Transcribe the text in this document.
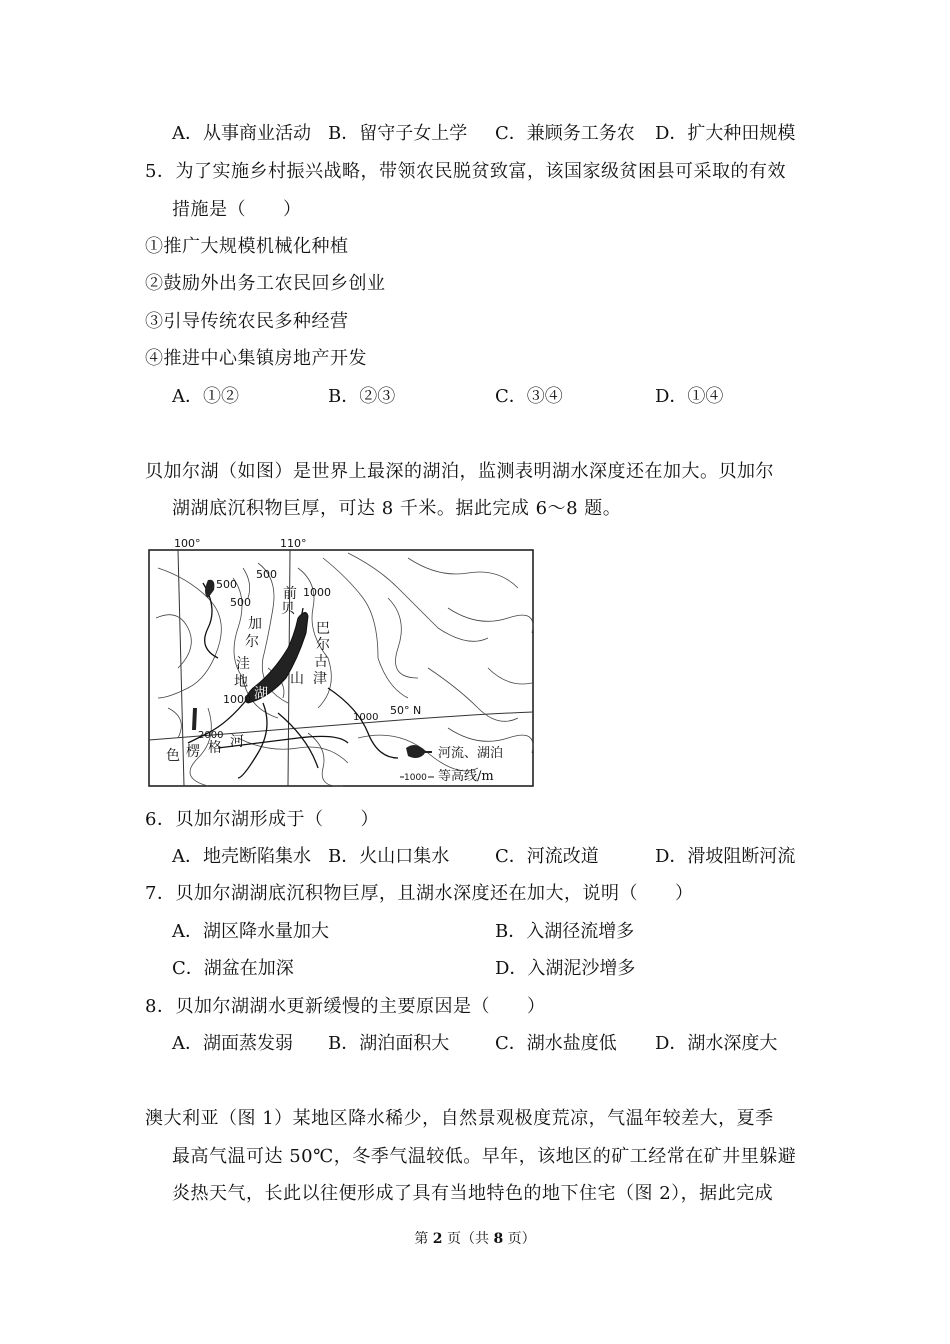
A．从事商业活动 B．留守子女上学 C．兼顾务工务农 D．扩大种田规模
5．为了实施乡村振兴战略，带领农民脱贫致富，该国家级贫困县可采取的有效
措施是（　　）
①推广大规模机械化种植
②鼓励外出务工农民回乡创业
③引导传统农民多种经营
④推进中心集镇房地产开发
A．①②	B．②③	C．③④	D．①④
贝加尔湖（如图）是世界上最深的湖泊，监测表明湖水深度还在加大。贝加尔
湖湖底沉积物巨厚，可达 8 千米。据此完成 6～8 题。
100°	110°
50° N
500
500
500
1000
1000
2000
1000
前
贝
加
尔
洼
地
湖
巴
尔
古
津
山
色 楞 格 河
河流、湖泊
1000 等高线/m
6．贝加尔湖形成于（　　）
A．地壳断陷集水 B．火山口集水	C．河流改道	D．滑坡阻断河流
7．贝加尔湖湖底沉积物巨厚，且湖水深度还在加大，说明（　　）
A．湖区降水量加大	B．入湖径流增多
C．湖盆在加深	D．入湖泥沙增多
8．贝加尔湖湖水更新缓慢的主要原因是（　　）
A．湖面蒸发弱 B．湖泊面积大	C．湖水盐度低 D．湖水深度大
澳大利亚（图 1）某地区降水稀少，自然景观极度荒凉，气温年较差大，夏季
最高气温可达 50℃，冬季气温较低。早年，该地区的矿工经常在矿井里躲避
炎热天气，长此以往便形成了具有当地特色的地下住宅（图 2），据此完成
第 2 页（共 8 页）
